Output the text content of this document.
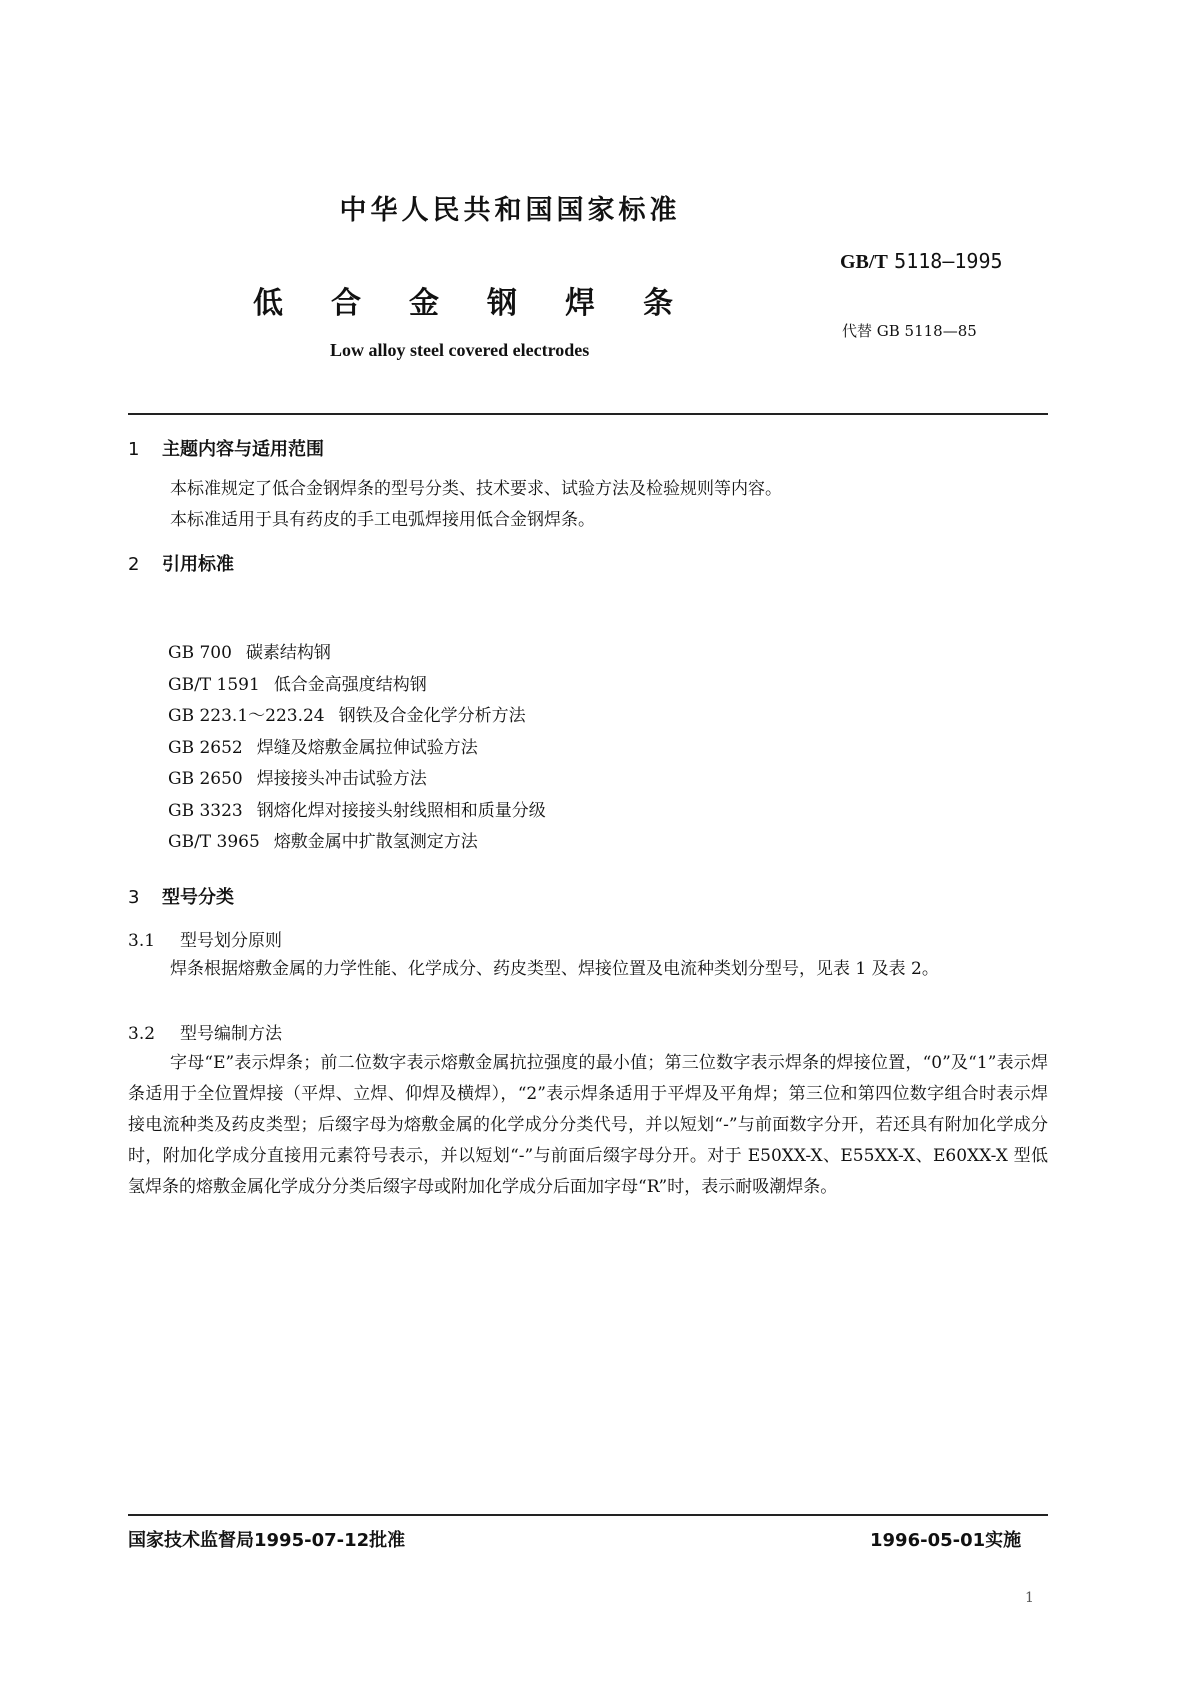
中华人民共和国国家标准
GB/T 5118—1995
低合金钢焊条
代替 GB 5118—85
Low alloy steel covered electrodes
1 主题内容与适用范围

本标准规定了低合金钢焊条的型号分类、技术要求、试验方法及检验规则等内容。

本标准适用于具有药皮的手工电弧焊接用低合金钢焊条。

2 引用标准
GB 700 碳素结构钢
GB/T 1591 低合金高强度结构钢
GB 223.1～223.24 钢铁及合金化学分析方法
GB 2652 焊缝及熔敷金属拉伸试验方法
GB 2650 焊接接头冲击试验方法
GB 3323 钢熔化焊对接接头射线照相和质量分级
GB/T 3965 熔敷金属中扩散氢测定方法
3 型号分类
3.1 型号划分原则

焊条根据熔敷金属的力学性能、化学成分、药皮类型、焊接位置及电流种类划分型号，见表 1 及表 2。

3.2 型号编制方法

字母“E”表示焊条；前二位数字表示熔敷金属抗拉强度的最小值；第三位数字表示焊条的焊接位置，“0”及“1”表示焊条适用于全位置焊接（平焊、立焊、仰焊及横焊），“2”表示焊条适用于平焊及平角焊；第三位和第四位数字组合时表示焊接电流种类及药皮类型；后缀字母为熔敷金属的化学成分分类代号，并以短划“-”与前面数字分开，若还具有附加化学成分时，附加化学成分直接用元素符号表示，并以短划“-”与前面后缀字母分开。对于 E50XX-X、E55XX-X、E60XX-X 型低氢焊条的熔敷金属化学成分分类后缀字母或附加化学成分后面加字母“R”时，表示耐吸潮焊条。

国家技术监督局1995-07-12批准	1996-05-01实施
1
